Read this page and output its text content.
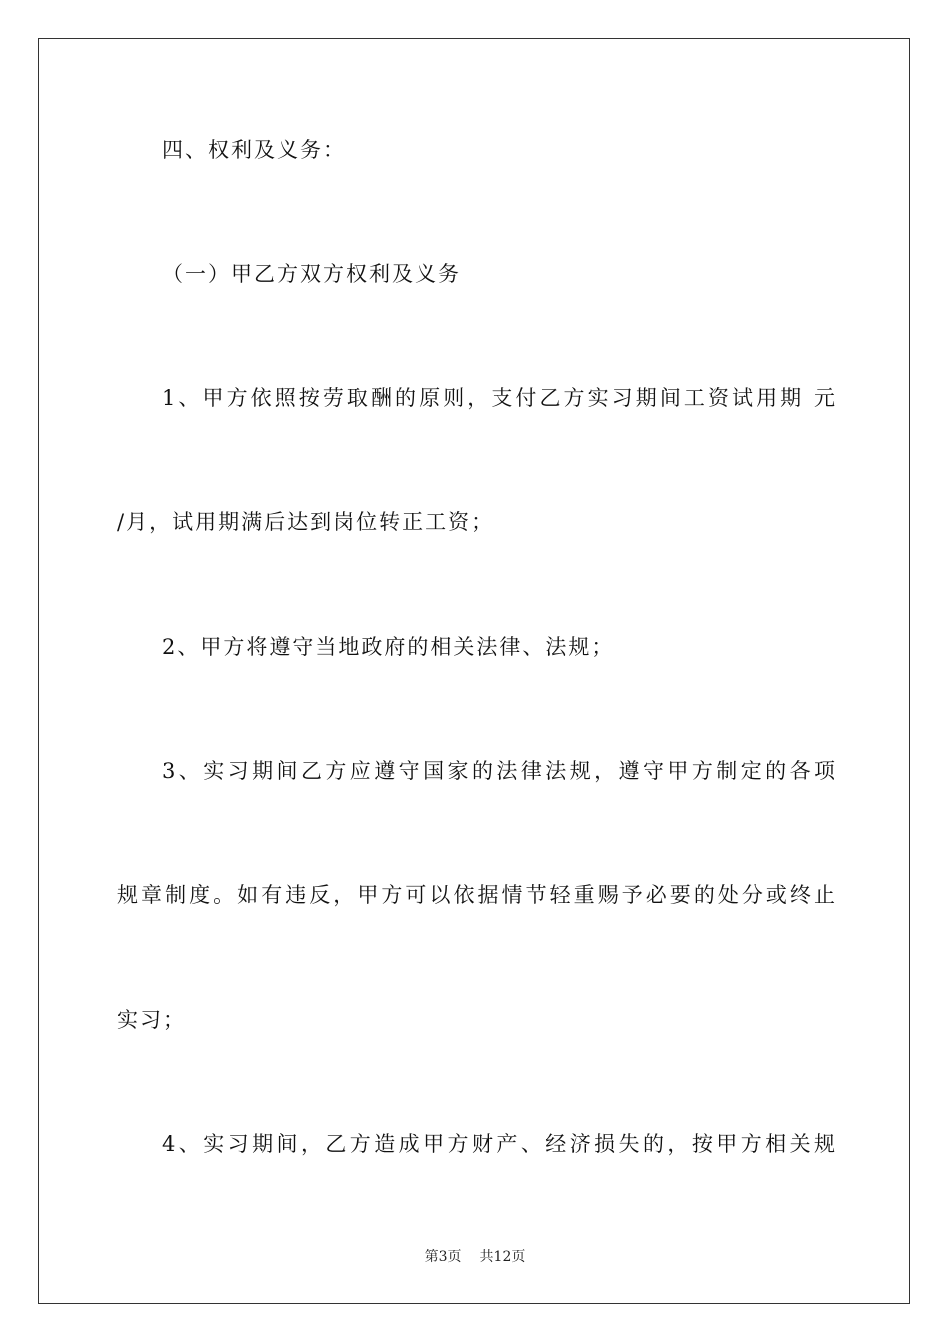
四、权利及义务：
（一）甲乙方双方权利及义务
1、甲方依照按劳取酬的原则，支付乙方实习期间工资试用期 元
/月，试用期满后达到岗位转正工资；
2、甲方将遵守当地政府的相关法律、法规；
3、实习期间乙方应遵守国家的法律法规，遵守甲方制定的各项
规章制度。如有违反，甲方可以依据情节轻重赐予必要的处分或终止
实习；
4、实习期间，乙方造成甲方财产、经济损失的，按甲方相关规
第3页 共12页
